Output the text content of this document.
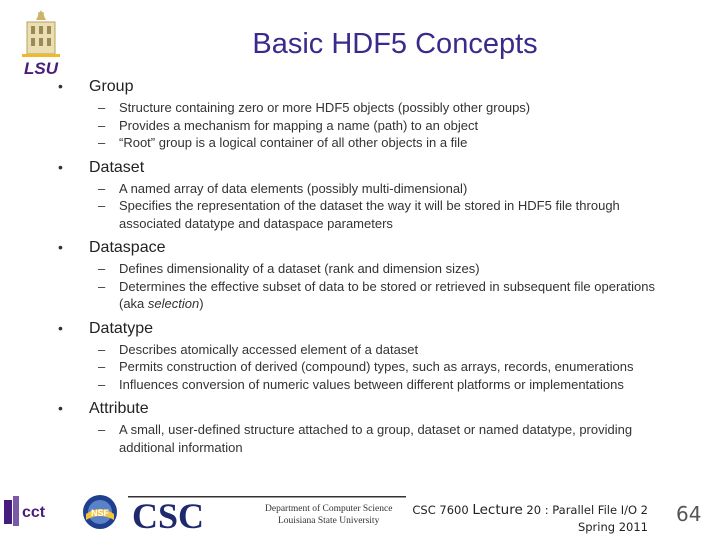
LSU
Basic HDF5 Concepts
• Group
– Structure containing zero or more HDF5 objects (possibly other groups)
– Provides a mechanism for mapping a name (path) to an object
– “Root” group is a logical container of all other objects in a file
• Dataset
– A named array of data elements (possibly multi-dimensional)
– Specifies the representation of the dataset the way it will be stored in HDF5 file through associated datatype and dataspace parameters
• Dataspace
– Defines dimensionality of a dataset (rank and dimension sizes)
– Determines the effective subset of data to be stored or retrieved in subsequent file operations (aka selection)
• Datatype
– Describes atomically accessed element of a dataset
– Permits construction of derived (compound) types, such as arrays, records, enumerations
– Influences conversion of numeric values between different platforms or implementations
• Attribute
– A small, user-defined structure attached to a group, dataset or named datatype, providing additional information
cct	NSF CSC	Department of Computer Science
Louisiana State University
CSC 7600 Lecture 20 : Parallel File I/O 2
Spring 2011
64
